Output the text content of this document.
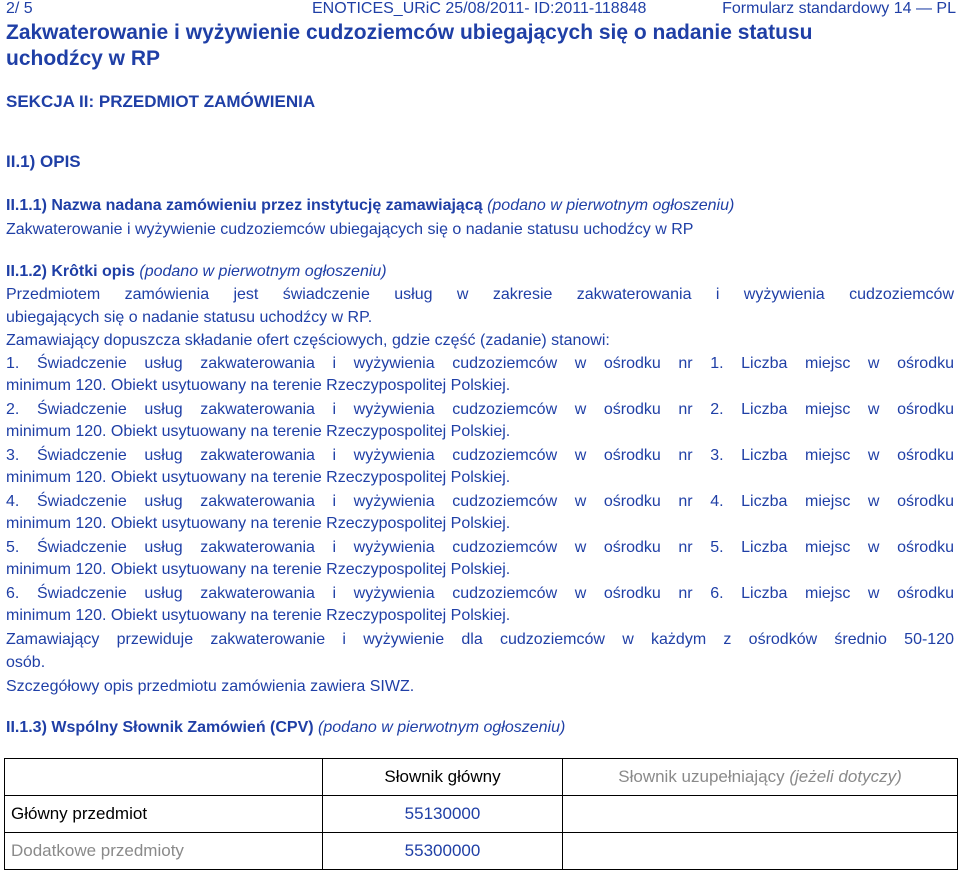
2/ 5	ENOTICES_URiC 25/08/2011- ID:2011-118848	Formularz standardowy 14 — PL
Zakwaterowanie i wyżywienie cudzoziemców ubiegających się o nadanie statusu
uchodźcy w RP
SEKCJA II: PRZEDMIOT ZAMÓWIENIA
II.1) OPIS
II.1.1) Nazwa nadana zamówieniu przez instytucję zamawiającą (podano w pierwotnym ogłoszeniu)
Zakwaterowanie i wyżywienie cudzoziemców ubiegających się o nadanie statusu uchodźcy w RP
II.1.2) Krôtki opis (podano w pierwotnym ogłoszeniu)
Przedmiotem zamówienia jest świadczenie usług w zakresie zakwaterowania i wyżywienia cudzoziemców
ubiegających się o nadanie statusu uchodźcy w RP.
Zamawiający dopuszcza składanie ofert częściowych, gdzie część (zadanie) stanowi:
1. Świadczenie usług zakwaterowania i wyżywienia cudzoziemców w ośrodku nr 1. Liczba miejsc w ośrodku
minimum 120. Obiekt usytuowany na terenie Rzeczypospolitej Polskiej.
2. Świadczenie usług zakwaterowania i wyżywienia cudzoziemców w ośrodku nr 2. Liczba miejsc w ośrodku
minimum 120. Obiekt usytuowany na terenie Rzeczypospolitej Polskiej.
3. Świadczenie usług zakwaterowania i wyżywienia cudzoziemców w ośrodku nr 3. Liczba miejsc w ośrodku
minimum 120. Obiekt usytuowany na terenie Rzeczypospolitej Polskiej.
4. Świadczenie usług zakwaterowania i wyżywienia cudzoziemców w ośrodku nr 4. Liczba miejsc w ośrodku
minimum 120. Obiekt usytuowany na terenie Rzeczypospolitej Polskiej.
5. Świadczenie usług zakwaterowania i wyżywienia cudzoziemców w ośrodku nr 5. Liczba miejsc w ośrodku
minimum 120. Obiekt usytuowany na terenie Rzeczypospolitej Polskiej.
6. Świadczenie usług zakwaterowania i wyżywienia cudzoziemców w ośrodku nr 6. Liczba miejsc w ośrodku
minimum 120. Obiekt usytuowany na terenie Rzeczypospolitej Polskiej.
Zamawiający przewiduje zakwaterowanie i wyżywienie dla cudzoziemców w każdym z ośrodków średnio 50-120
osób.
Szczegółowy opis przedmiotu zamówienia zawiera SIWZ.
II.1.3) Wspólny Słownik Zamówień (CPV) (podano w pierwotnym ogłoszeniu)
	Słownik główny	Słownik uzupełniający (jeżeli dotyczy)
Główny przedmiot	55130000	
Dodatkowe przedmioty	55300000	
